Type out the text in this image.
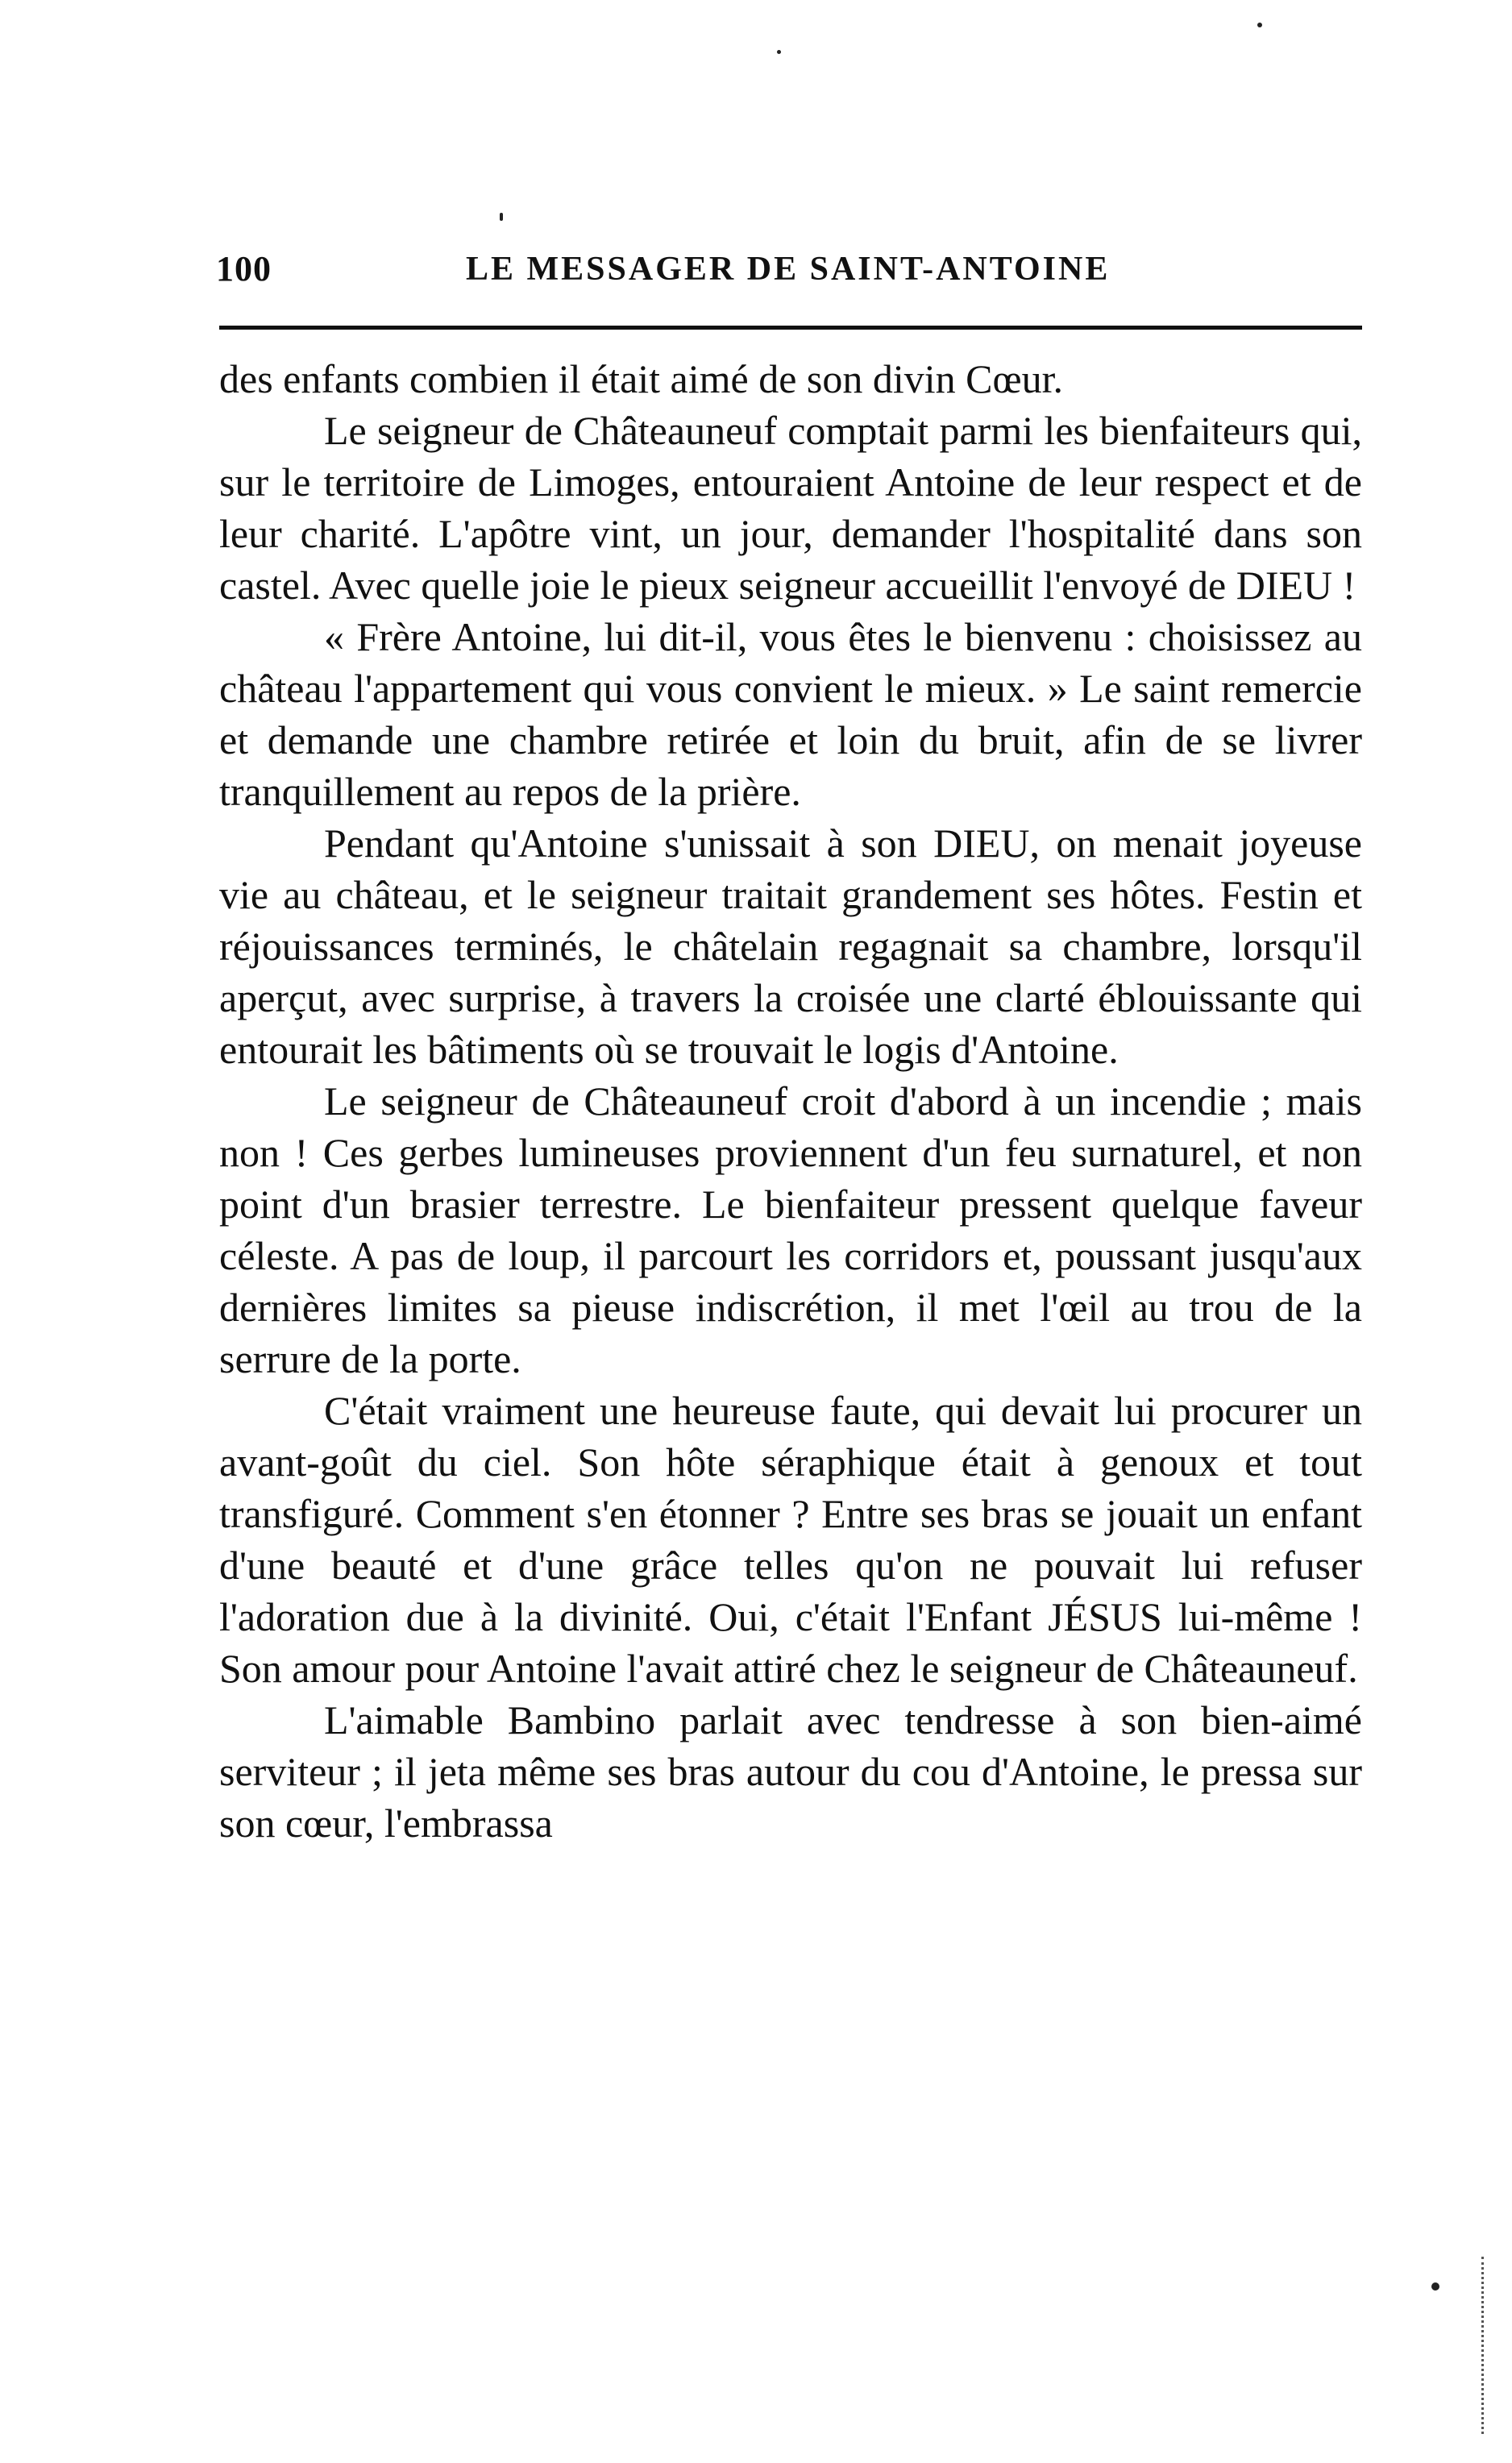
100	LE MESSAGER DE SAINT-ANTOINE

des enfants combien il était aimé de son divin Cœur.

Le seigneur de Châteauneuf comptait parmi les bienfaiteurs qui, sur le territoire de Limoges, entouraient Antoine de leur respect et de leur charité. L'apôtre vint, un jour, demander l'hospitalité dans son castel. Avec quelle joie le pieux seigneur accueillit l'envoyé de DIEU !

« Frère Antoine, lui dit-il, vous êtes le bienvenu : choisissez au château l'appartement qui vous convient le mieux. » Le saint remercie et demande une chambre retirée et loin du bruit, afin de se livrer tranquillement au repos de la prière.

Pendant qu'Antoine s'unissait à son DIEU, on menait joyeuse vie au château, et le seigneur traitait grandement ses hôtes. Festin et réjouissances terminés, le châtelain regagnait sa chambre, lorsqu'il aperçut, avec surprise, à travers la croisée une clarté éblouissante qui entourait les bâtiments où se trouvait le logis d'Antoine.

Le seigneur de Châteauneuf croit d'abord à un incendie ; mais non ! Ces gerbes lumineuses proviennent d'un feu surnaturel, et non point d'un brasier terrestre. Le bienfaiteur pressent quelque faveur céleste. A pas de loup, il parcourt les corridors et, poussant jusqu'aux dernières limites sa pieuse indiscrétion, il met l'œil au trou de la serrure de la porte.

C'était vraiment une heureuse faute, qui devait lui procurer un avant-goût du ciel. Son hôte séraphique était à genoux et tout transfiguré. Comment s'en étonner ? Entre ses bras se jouait un enfant d'une beauté et d'une grâce telles qu'on ne pouvait lui refuser l'adoration due à la divinité. Oui, c'était l'Enfant JÉSUS lui-même ! Son amour pour Antoine l'avait attiré chez le seigneur de Châteauneuf.

L'aimable Bambino parlait avec tendresse à son bien-aimé serviteur ; il jeta même ses bras autour du cou d'Antoine, le pressa sur son cœur, l'embrassa
